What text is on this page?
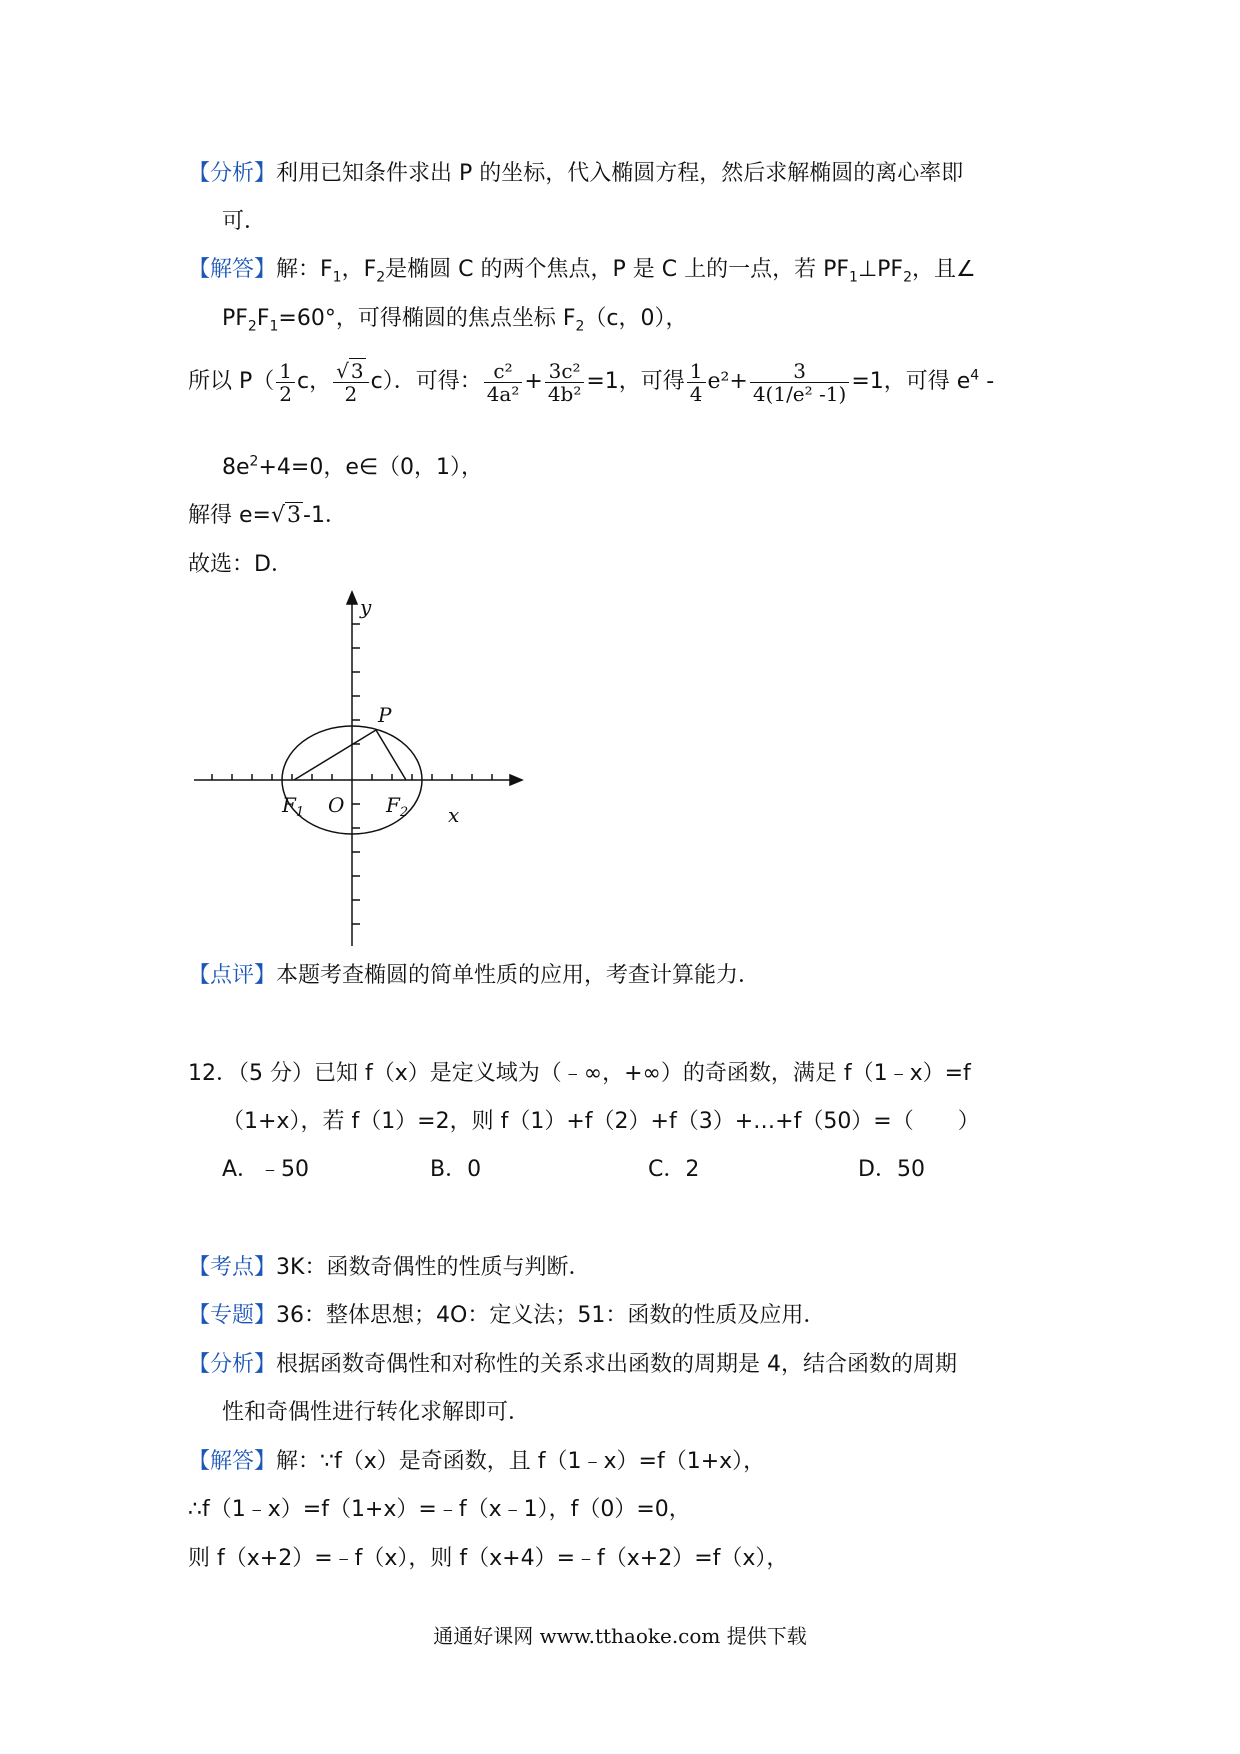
【分析】利用已知条件求出 P 的坐标，代入椭圆方程，然后求解椭圆的离心率即
可．
【解答】解：$F_1$，$F_2$是椭圆 C 的两个焦点，P 是 C 上的一点，若 $PF_1\perp PF_2$，且∠
$PF_2F_1=60^\circ$，可得椭圆的焦点坐标 $F_2(c$，0），
所以 $P( \frac{1}{2}$ c， $\frac{√ 3}{2} c$）．可得： $\frac{\text{c²}}{\text{4a²}} + \frac{\text{3c²}}{\text{4b²}} =1$，可得 $\frac{1}{4} e^2+ \frac{3}{\text{4(1/e² -1)}} =1$，可得 $e^4$ -
$8e^2+4=0$，e∈（0，1），
解得 e=√3-1．
故选：D．
y
x
P
O
$F_1$	$F_2$
【点评】本题考查椭圆的简单性质的应用，考查计算能力．
12．（5 分）已知 f（x）是定义域为（﹣∞，+∞）的奇函数，满足 f（1﹣x）=f
（1+x），若 f（1）=2，则 f（1）+f（2）+f（3）+…+f（50）=（　　）
A．﹣50	B．0	C．2	D．50
【考点】3K：函数奇偶性的性质与判断．
【专题】36：整体思想；4O：定义法；51：函数的性质及应用．
【分析】根据函数奇偶性和对称性的关系求出函数的周期是 4，结合函数的周期
性和奇偶性进行转化求解即可．
【解答】解：∵f（x）是奇函数，且 f（1﹣x）=f（1+x），
∴f（1﹣x）=f（1+x）=﹣f（x﹣1），f（0）=0，
则 f（x+2）=﹣f（x），则 f（x+4）=﹣f（x+2）=f（x），
通通好课网 www.tthaoke.com 提供下载
